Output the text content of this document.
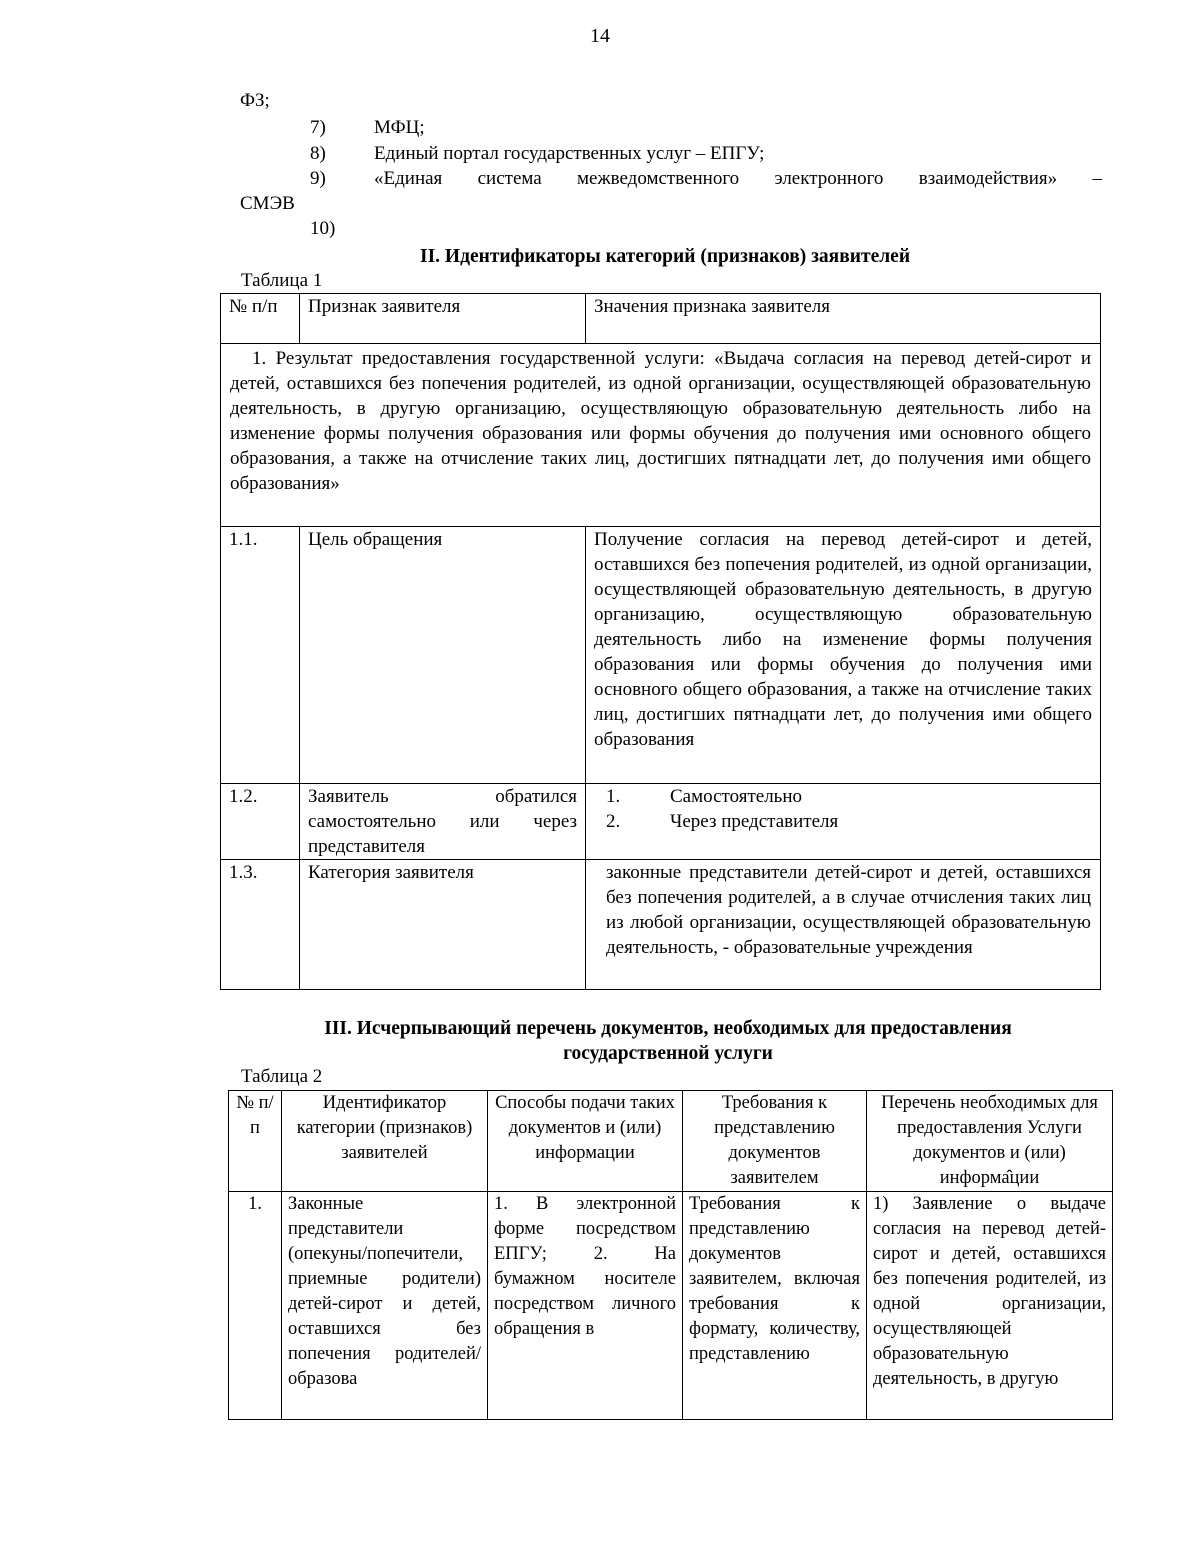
14
ФЗ;
7)	МФЦ;
8)	Единый портал государственных услуг – ЕПГУ;
9)	«Единая система межведомственного электронного взаимодействия» –
СМЭВ
10)
II. Идентификаторы категорий (признаков) заявителей
Таблица 1
№ п/п	Признак заявителя	Значения признака заявителя
1. Результат предоставления государственной услуги: «Выдача согласия на перевод детей-сирот и детей, оставшихся без попечения родителей, из одной организации, осуществляющей образовательную деятельность, в другую организацию, осуществляющую образовательную деятельность либо на изменение формы получения образования или формы обучения до получения ими основного общего образования, а также на отчисление таких лиц, достигших пятнадцати лет, до получения ими общего образования»		
1.1.	Цель обращения	Получение согласия на перевод детей-сирот и детей, оставшихся без попечения родителей, из одной организации, осуществляющей образовательную деятельность, в другую организацию, осуществляющую образовательную деятельность либо на изменение формы получения образования или формы обучения до получения ими основного общего образования, а также на отчисление таких лиц, достигших пятнадцати лет, до получения ими общего образования
1.2.	Заявитель обратился самостоятельно или через представителя	1. Самостоятельно
2. Через представителя

1.3.	Категория заявителя	законные представители детей-сирот и детей, оставшихся без попечения родителей, а в случае отчисления таких лиц из любой организации, осуществляющей образовательную деятельность, - образовательные учреждения
III. Исчерпывающий перечень документов, необходимых для предоставления
государственной услуги
Таблица 2
№ п/п	Идентификатор категории (признаков) заявителей	Способы подачи таких документов и (или) информации	Требования к представлению документов заявителем	Перечень необходимых для предоставления Услуги документов и (или) информа̂ции
1.	Законные представители (опекуны/попечители, приемные родители) детей-сирот и детей, оставшихся без попечения родителей/образова	1. В электронной форме посредством ЕПГУ; 2. На бумажном носителе посредством личного обращения в	Требования к представлению документов заявителем, включая требования к формату, количеству, представлению	1) Заявление о выдаче согласия на перевод детей-сирот и детей, оставшихся без попечения родителей, из одной организации, осуществляющей образовательную деятельность, в другую
